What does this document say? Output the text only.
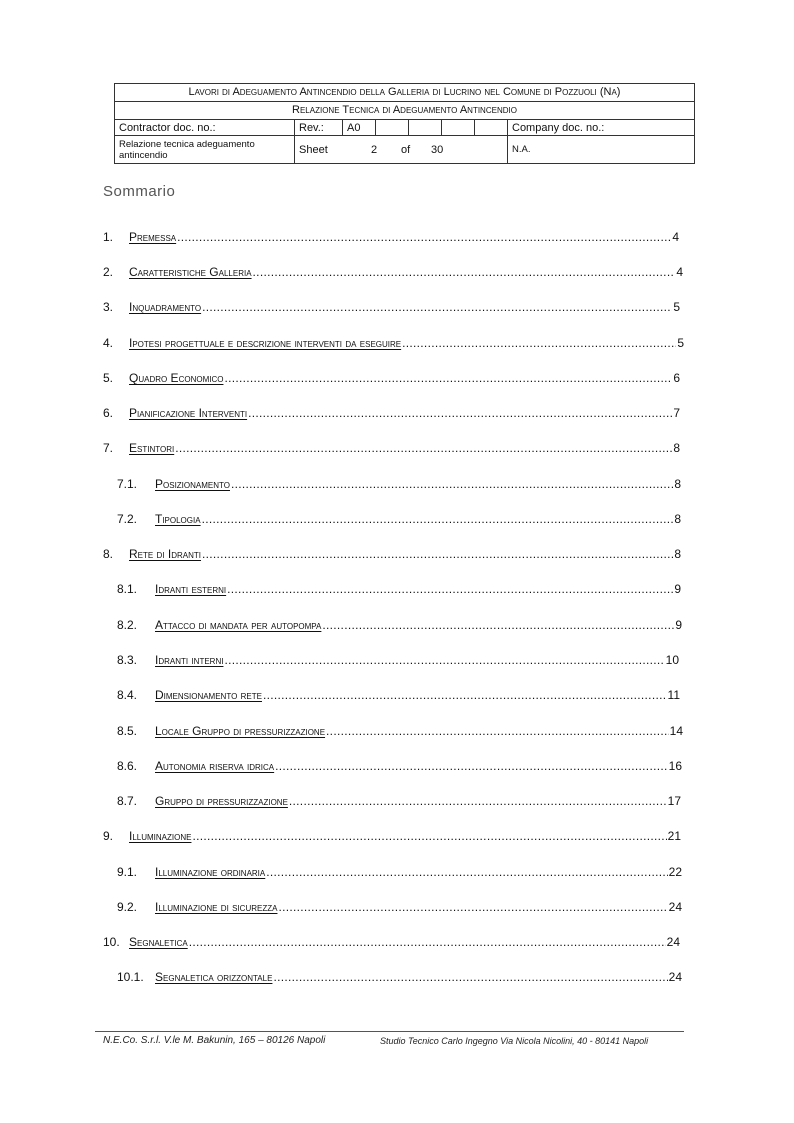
Lavori di Adeguamento Antincendio della Galleria di Lucrino nel Comune di Pozzuoli (Na)
Relazione Tecnica di Adeguamento Antincendio
Contractor doc. no.:	Rev.:	A0	Company doc. no.:
Relazione tecnica adeguamento antincendio	Sheet	2	of	30	N.A.
Sommario
1.	Premessa .....	4
2.	Caratteristiche Galleria .....	4
3.	Inquadramento .....	5
4.	Ipotesi progettuale e descrizione interventi da eseguire .....	5
5.	Quadro Economico .....	6
6.	Pianificazione Interventi .....	7
7.	Estintori .....	8
7.1.	Posizionamento .....	8
7.2.	Tipologia .....	8
8.	Rete di Idranti .....	8
8.1.	Idranti esterni .....	9
8.2.	Attacco di mandata per autopompa .....	9
8.3.	Idranti interni .....	10
8.4.	Dimensionamento rete .....	11
8.5.	Locale Gruppo di pressurizzazione .....	14
8.6.	Autonomia riserva idrica .....	16
8.7.	Gruppo di pressurizzazione .....	17
9.	Illuminazione .....	21
9.1.	Illuminazione ordinaria .....	22
9.2.	Illuminazione di sicurezza .....	24
10. Segnaletica .....	24
10.1. Segnaletica orizzontale .....	24
N.E.Co. S.r.l. V.le M. Bakunin, 165 – 80126 Napoli	Studio Tecnico Carlo Ingegno Via Nicola Nicolini, 40 - 80141 Napoli
